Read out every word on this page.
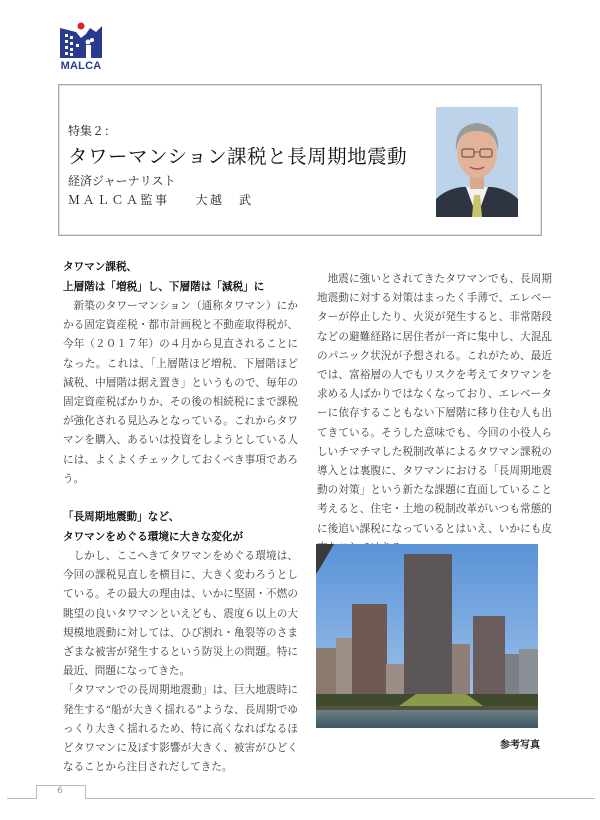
MALCA
特集２：
タワーマンション課税と長周期地震動
経済ジャーナリスト
ＭＡＬＣＡ監事 大越　武
タワマン課税、
上層階は「増税」し、下層階は「減税」に
新築のタワーマンション（通称タワマン）にかかる固定資産税・都市計画税と不動産取得税が、今年（２０１７年）の４月から見直されることになった。これは、「上層階ほど増税、下層階ほど減税、中層階は据え置き」というもので、毎年の固定資産税ばかりか、その後の相続税にまで課税が強化される見込みとなっている。これからタワマンを購入、あるいは投資をしようとしている人には、よくよくチェックしておくべき事項であろう。
「長周期地震動」など、
タワマンをめぐる環境に大きな変化が
しかし、ここへきてタワマンをめぐる環境は、今回の課税見直しを横目に、大きく変わろうとしている。その最大の理由は、いかに堅固・不燃の眺望の良いタワマンといえども、震度６以上の大規模地震動に対しては、ひび割れ・亀裂等のさまざまな被害が発生するという防災上の問題。特に最近、問題になってきた。
「タワマンでの長周期地震動」は、巨大地震時に発生する“船が大きく揺れる”ような、長周期でゆっくり大きく揺れるため、特に高くなればなるほどタワマンに及ぼす影響が大きく、被害がひどくなることから注目されだしてきた。
地震に強いとされてきたタワマンでも、長周期地震動に対する対策はまったく手薄で、エレベーターが停止したり、火災が発生すると、非常階段などの避難経路に居住者が一斉に集中し、大混乱のパニック状況が予想される。これがため、最近では、富裕層の人でもリスクを考えてタワマンを求める人ばかりではなくなっており、エレベーターに依存することもない下層階に移り住む人も出てきている。そうした意味でも、今回の小役人らしいチマチマした税制改革によるタワマン課税の導入とは裏腹に、タワマンにおける「長周期地震動の対策」という新たな課題に直面していること考えると、住宅・土地の税制改革がいつも常態的に後追い課税になっているとはいえ、いかにも皮
参考写真
6
